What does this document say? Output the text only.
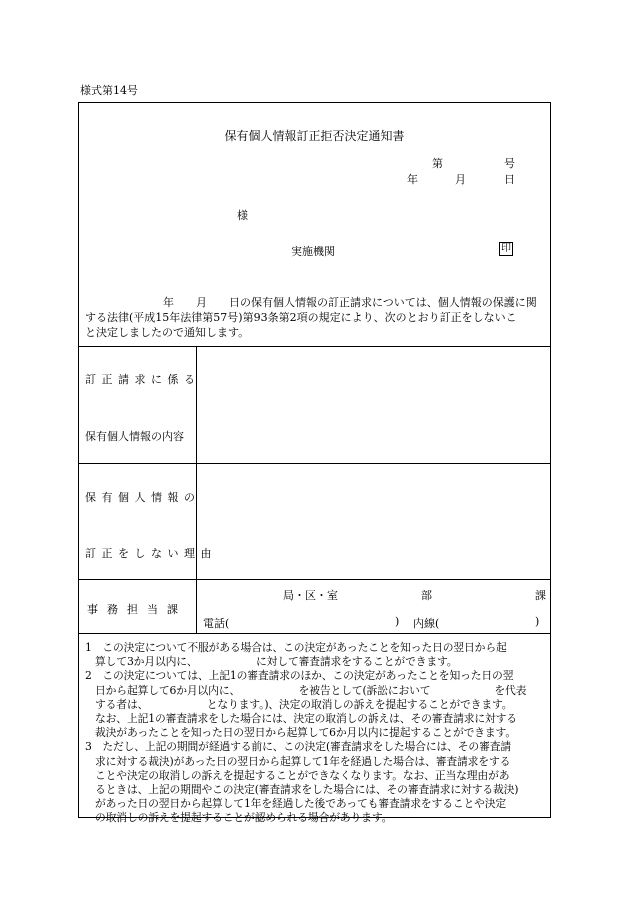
様式第14号
保有個人情報訂正拒否決定通知書
第	号
年	月	日
様
実施機関	印
年　　月　　日の保有個人情報の訂正請求については、個人情報の保護に関
する法律(平成15年法律第57号)第93条第2項の規定により、次のとおり訂正をしないこ
と決定しましたので通知します。
訂正請求に係る
保有個人情報の内容
保有個人情報の
訂正をしない理由
事務担当課
局・区・室	部	課
電話(	) 内線(	)
1　この決定について不服がある場合は、この決定があったことを知った日の翌日から起
算して3か月以内に、　　　　　　に対して審査請求をすることができます。
2　この決定については、上記1の審査請求のほか、この決定があったことを知った日の翌
日から起算して6か月以内に、　　　　　　を被告として(訴訟において　　　　　　を代表
する者は、　　　　　　となります。)、決定の取消しの訴えを提起することができます。
なお、上記1の審査請求をした場合には、決定の取消しの訴えは、その審査請求に対する
裁決があったことを知った日の翌日から起算して6か月以内に提起することができます。
3　ただし、上記の期間が経過する前に、この決定(審査請求をした場合には、その審査請
求に対する裁決)があった日の翌日から起算して1年を経過した場合は、審査請求をする
ことや決定の取消しの訴えを提起することができなくなります。なお、正当な理由があ
るときは、上記の期間やこの決定(審査請求をした場合には、その審査請求に対する裁決)
があった日の翌日から起算して1年を経過した後であっても審査請求をすることや決定
の取消しの訴えを提起することが認められる場合があります。
